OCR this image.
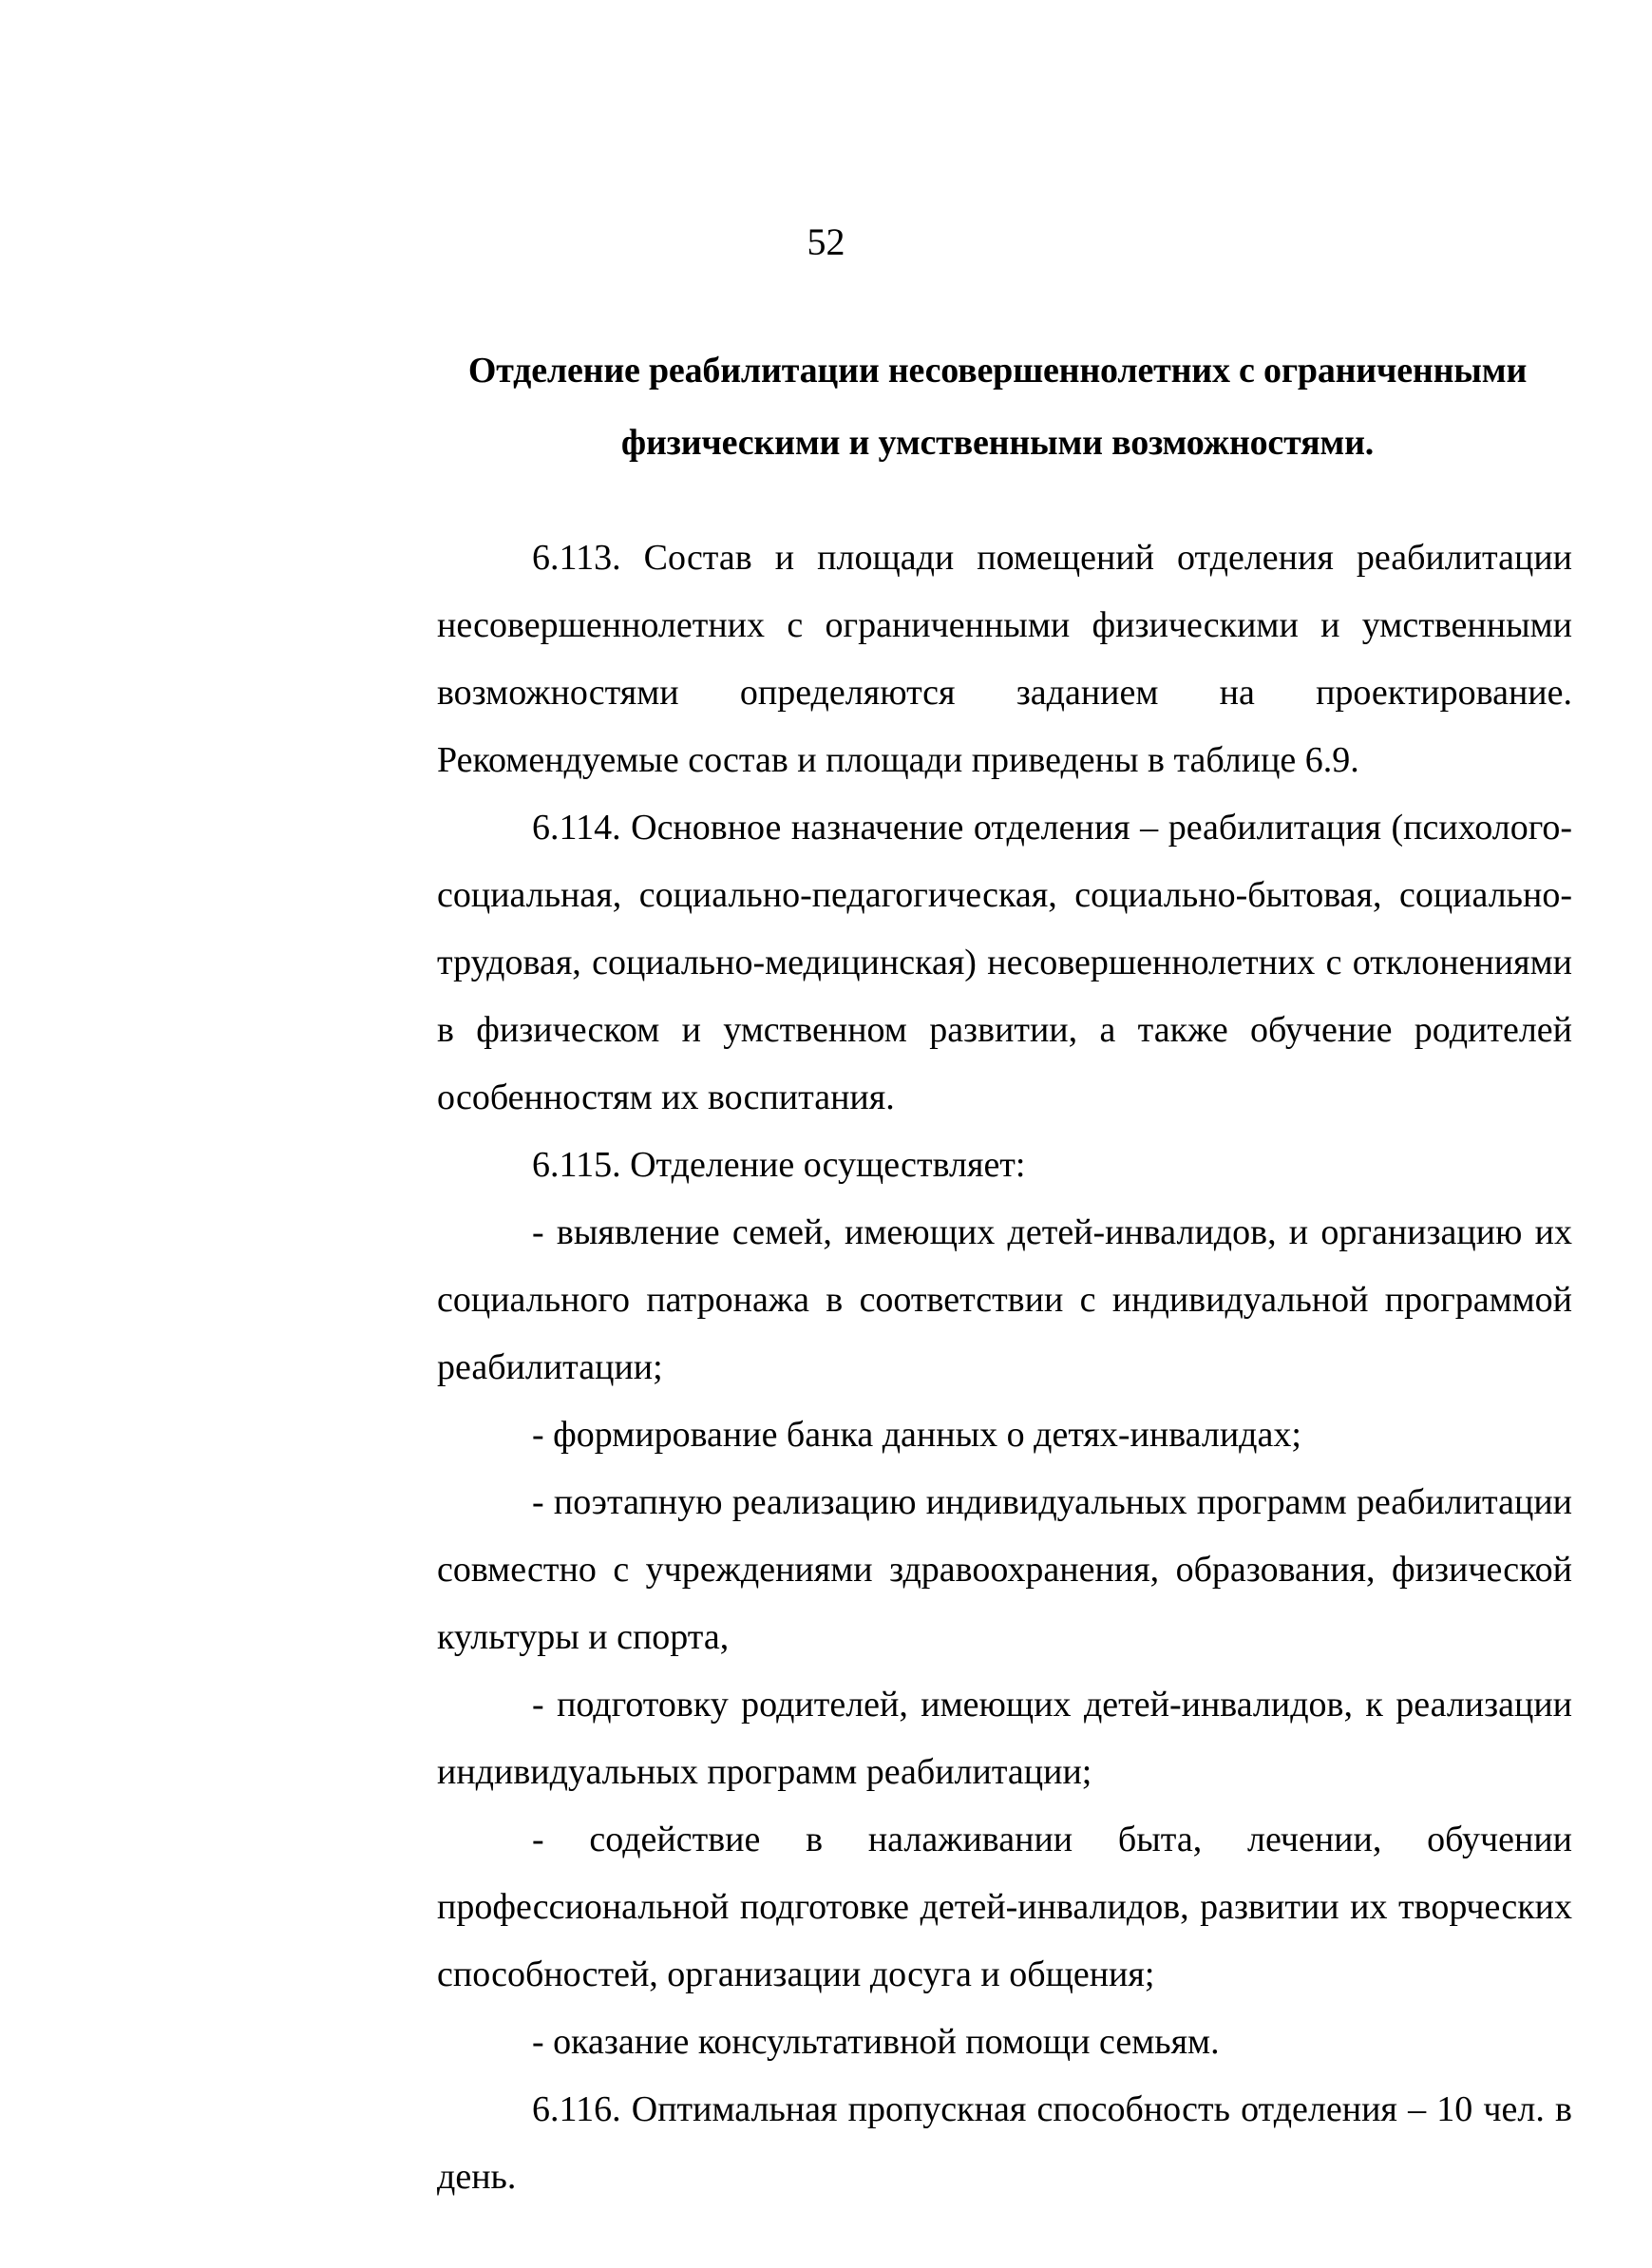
52
Отделение реабилитации несовершеннолетних с ограниченными физическими и умственными возможностями.

6.113. Состав и площади помещений отделения реабилитации несовершеннолетних с ограниченными физическими и умственными возможностями определяются заданием на проектирование. Рекомендуемые состав и площади приведены в таблице 6.9.

6.114. Основное назначение отделения – реабилитация (психолого-социальная, социально-педагогическая, социально-бытовая, социально-трудовая, социально-медицинская) несовершеннолетних с отклонениями в физическом и умственном развитии, а также обучение родителей особенностям их воспитания.

6.115. Отделение осуществляет:

- выявление семей, имеющих детей-инвалидов, и организацию их социального патронажа в соответствии с индивидуальной программой реабилитации;

- формирование банка данных о детях-инвалидах;

- поэтапную реализацию индивидуальных программ реабилитации совместно с учреждениями здравоохранения, образования, физической культуры и спорта,

- подготовку родителей, имеющих детей-инвалидов, к реализации индивидуальных программ реабилитации;

- содействие в налаживании быта, лечении, обучении профессиональной подготовке детей-инвалидов, развитии их творческих способностей, организации досуга и общения;

- оказание консультативной помощи семьям.

6.116. Оптимальная пропускная способность отделения – 10 чел. в день.
